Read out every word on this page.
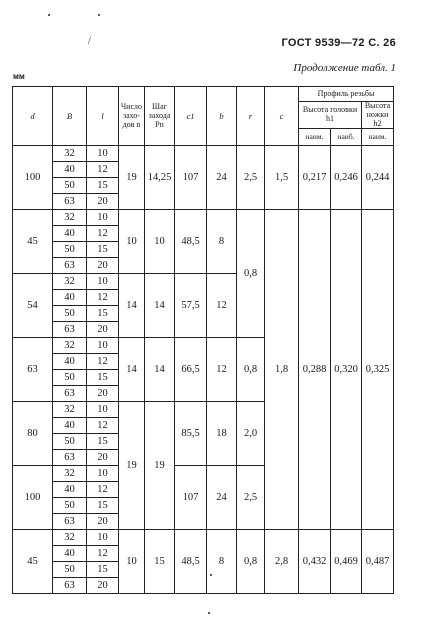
ГОСТ 9539—72 С. 26
Продолжение табл. 1
мм
d	B	l	Число захо-дов n	Шаг захода Pn	c1	b	r	c	Профиль резьбы		
									Высота головки h1		Высота ножки h2
									наим.	наиб.	наим.
100	32	10	19	14,25	107	24	2,5	1,5	0,217	0,246	0,244
	40	12									
	50	15									
	63	20									
45	32	10	10	10	48,5	8	0,8	1,8	0,288	0,320	0,325
	40	12									
	50	15									
	63	20									
54	32	10	14	14	57,5	12					
	40	12									
	50	15									
	63	20									
63	32	10	14	14	66,5	12	0,8				
	40	12									
	50	15									
	63	20									
80	32	10	19	19	85,5	18	2,0				
	40	12									
	50	15									
	63	20									
100	32	10			107	24	2,5				
	40	12									
	50	15									
	63	20									
45	32	10	10	15	48,5	8	0,8	2,8	0,432	0,469	0,487
	40	12									
	50	15									
	63	20									
/
